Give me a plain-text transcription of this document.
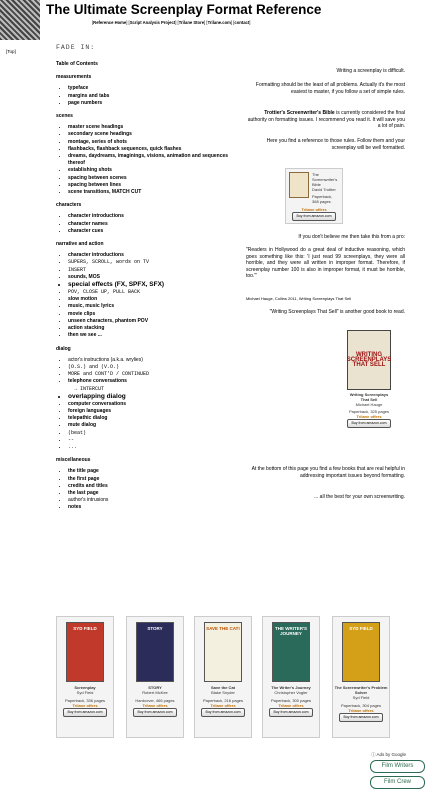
The Ultimate Screenplay Format Reference
[Reference Home] [Script Analysis Project] [Trilane Store] [Trilane.com] [contact]
[Top]
FADE IN:
Table of Contents
measurements
• typeface
• margins and tabs
• page numbers
scenes
• master scene headings
• secondary scene headings
• montage, series of shots
• flashbacks, flashback sequences, quick flashes
• dreams, daydreams, imaginings, visions, animation and sequences thereof
• establishing shots
• spacing between scenes
• spacing between lines
• scene transitions, MATCH CUT
characters
• character introductions
• character names
• character cues
narrative and action
• character introductions
• SUPERS, SCROLL, words on TV
• INSERT
• sounds, MOS
• special effects (FX, SPFX, SFX)
• POV, CLOSE UP, PULL BACK
• slow motion
• music, music lyrics
• movie clips
• unseen characters, phantom POV
• action stacking
• then we see ...
dialog
• actor's instructions (a.k.a. wrylies)
• (O.S.) and (V.O.)
• MORE and CONT'D / CONTINUED
• telephone conversations
→ INTERCUT
• overlapping dialog
• computer conversations
• foreign languages
• telepathic dialog
• mute dialog
• (beat)
• --
• ...
miscellaneous
• the title page
• the first page
• credits and titles
• the last page
• author's intrusions
• notes
Writing a screenplay is difficult.
Formatting should be the least of all problems. Actually it's the most easiest to master, if you follow a set of simple rules.
Trottier's Screenwriter's Bible is currently considered the final authority on formatting issues. I recommend you read it. It will save you a lot of pain.
Here you find a reference to those rules. Follow them and your screenplay will be well formatted.
The Screenwriter's Bible
David Trottier
Paperback, 368 pages
Trilane offers
Buy from amazon.com
If you don't believe me then take this from a pro:
"Readers in Hollywood do a great deal of inductive reasoning, which goes something like this: 'I just read 99 screenplays, they were all horrible, and they were all written in improper format. Therefore, if screenplay number 100 is also in improper format, it must be horrible, too.'"
Michael Hauge, Collins 2011, Writing Screenplays That Sell
"Writing Screenplays That Sell" is another good book to read.
WRITING SCREENPLAYS THAT SELL
Writing Screenplays That Sell
Michael Hauge
Paperback, 325 pages
Trilane offers
Buy from amazon.com
At the bottom of this page you find a few books that are real helpful in addressing important issues beyond formatting.
... all the best for your own screenwriting.
SYD FIELD
Screenplay
Syd Field
Paperback, 336 pages
Trilane offers
Buy from amazon.com
STORY
STORY
Robert McKee
Hardcover, 466 pages
Trilane offers
Buy from amazon.com
SAVE THE CAT!
Save the Cat
Blake Snyder
Paperback, 216 pages
Trilane offers
Buy from amazon.com
THE WRITER'S JOURNEY
The Writer's Journey
Christopher Vogler
Paperback, 300 pages
Trilane offers
Buy from amazon.com
SYD FIELD
The Screenwriter's Problem Solver
Syd Field
Paperback, 304 pages
Trilane offers
Buy from amazon.com
ⓘ Ads by Google
Film Writers
Film Crew
